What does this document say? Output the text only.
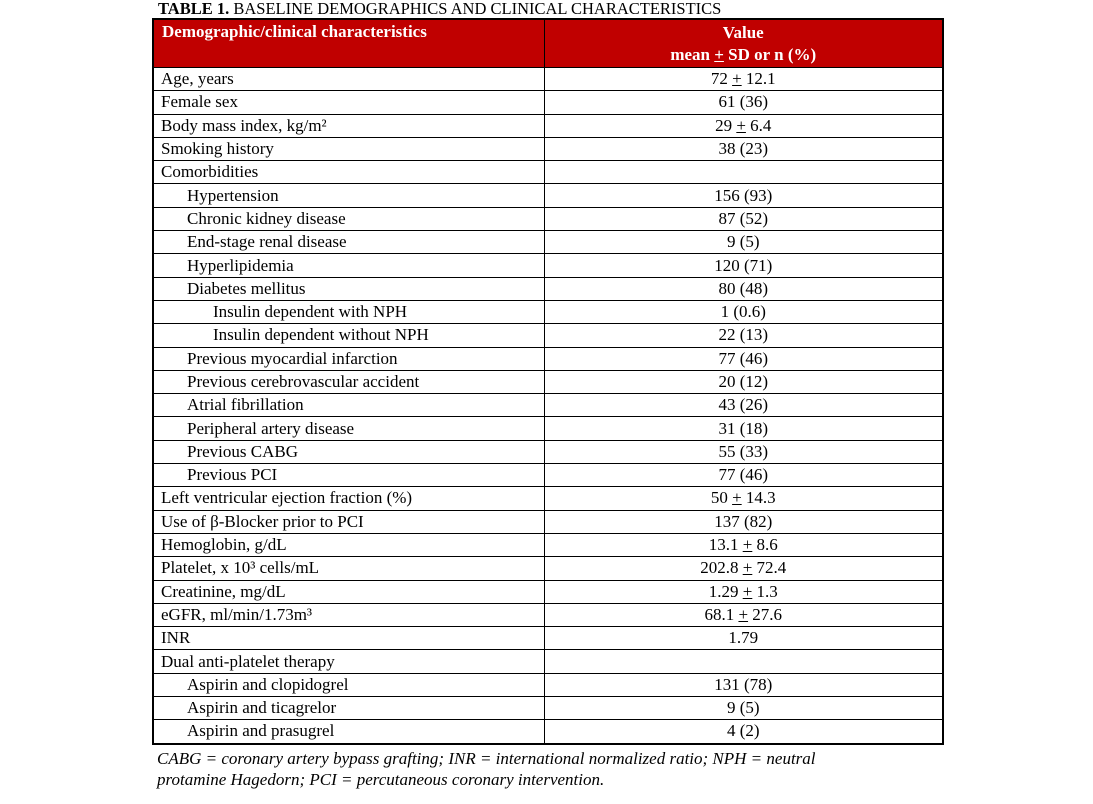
TABLE 1. BASELINE DEMOGRAPHICS AND CLINICAL CHARACTERISTICS
Demographic/clinical characteristics	Value
mean + SD or n (%)

Age, years	72 + 12.1
Female sex	61 (36)
Body mass index, kg/m²	29 + 6.4
Smoking history	38 (23)
Comorbidities	
Hypertension	156 (93)
Chronic kidney disease	87 (52)
End-stage renal disease	9 (5)
Hyperlipidemia	120 (71)
Diabetes mellitus	80 (48)
Insulin dependent with NPH	1 (0.6)
Insulin dependent without NPH	22 (13)
Previous myocardial infarction	77 (46)
Previous cerebrovascular accident	20 (12)
Atrial fibrillation	43 (26)
Peripheral artery disease	31 (18)
Previous CABG	55 (33)
Previous PCI	77 (46)
Left ventricular ejection fraction (%)	50 + 14.3
Use of β-Blocker prior to PCI	137 (82)
Hemoglobin, g/dL	13.1 + 8.6
Platelet, x 10³ cells/mL	202.8 + 72.4
Creatinine, mg/dL	1.29 + 1.3
eGFR, ml/min/1.73m³	68.1 + 27.6
INR	1.79
Dual anti-platelet therapy	
Aspirin and clopidogrel	131 (78)
Aspirin and ticagrelor	9 (5)
Aspirin and prasugrel	4 (2)
CABG = coronary artery bypass grafting; INR = international normalized ratio; NPH = neutral
protamine Hagedorn; PCI = percutaneous coronary intervention.
